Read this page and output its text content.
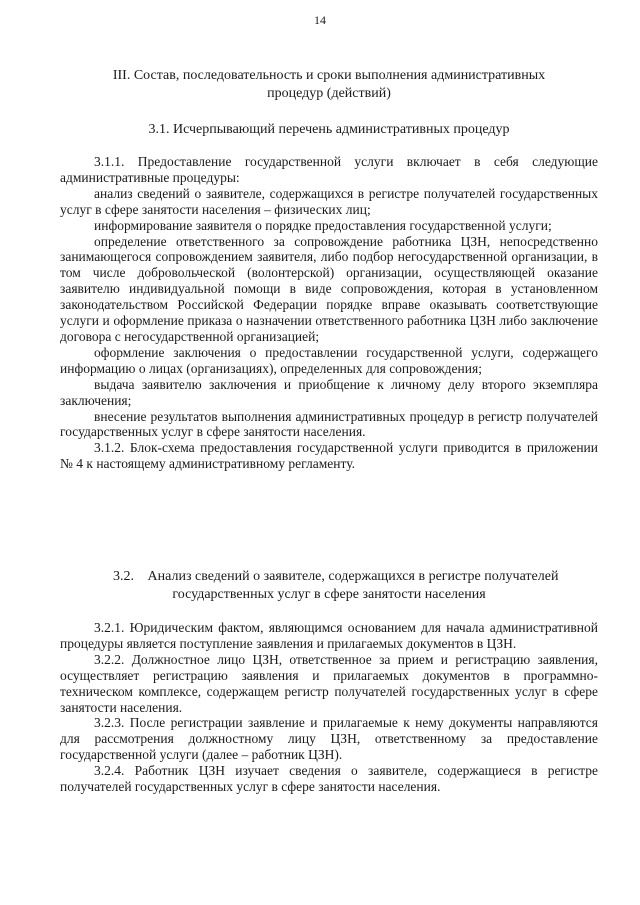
14
III. Состав, последовательность и сроки выполнения административных
процедур (действий)
3.1. Исчерпывающий перечень административных процедур

3.1.1. Предоставление государственной услуги включает в себя следующие административные процедуры:

анализ сведений о заявителе, содержащихся в регистре получателей государственных услуг в сфере занятости населения – физических лиц;

информирование заявителя о порядке предоставления государственной услуги;

определение ответственного за сопровождение работника ЦЗН, непосредственно занимающегося сопровождением заявителя, либо подбор негосударственной организации, в том числе добровольческой (волонтерской) организации, осуществляющей оказание заявителю индивидуальной помощи в виде сопровождения, которая в установленном законодательством Российской Федерации порядке вправе оказывать соответствующие услуги и оформление приказа о назначении ответственного работника ЦЗН либо заключение договора с негосударственной организацией;

оформление заключения о предоставлении государственной услуги, содержащего информацию о лицах (организациях), определенных для сопровождения;

выдача заявителю заключения и приобщение к личному делу второго экземпляра заключения;

внесение результатов выполнения административных процедур в регистр получателей государственных услуг в сфере занятости населения.

3.1.2. Блок-схема предоставления государственной услуги приводится в приложении № 4 к настоящему административному регламенту.

3.2. Анализ сведений о заявителе, содержащихся в регистре получателей
государственных услуг в сфере занятости населения

3.2.1. Юридическим фактом, являющимся основанием для начала административной процедуры является поступление заявления и прилагаемых документов в ЦЗН.

3.2.2. Должностное лицо ЦЗН, ответственное за прием и регистрацию заявления, осуществляет регистрацию заявления и прилагаемых документов в программно-техническом комплексе, содержащем регистр получателей государственных услуг в сфере занятости населения.

3.2.3. После регистрации заявление и прилагаемые к нему документы направляются для рассмотрения должностному лицу ЦЗН, ответственному за предоставление государственной услуги (далее – работник ЦЗН).

3.2.4. Работник ЦЗН изучает сведения о заявителе, содержащиеся в регистре получателей государственных услуг в сфере занятости населения.
